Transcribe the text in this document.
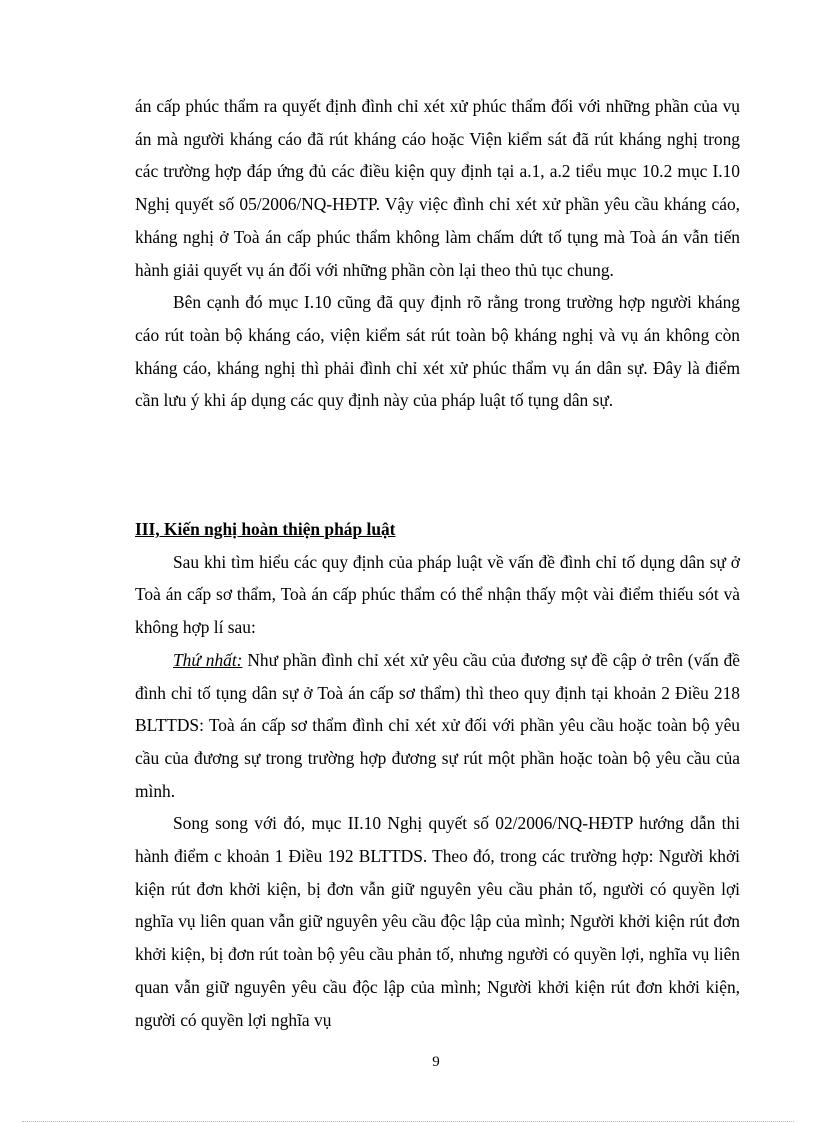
án cấp phúc thẩm ra quyết định đình chỉ xét xử phúc thẩm đối với những phần của vụ án mà người kháng cáo đã rút kháng cáo hoặc Viện kiểm sát đã rút kháng nghị trong các trường hợp đáp ứng đủ các điều kiện quy định tại a.1, a.2 tiểu mục 10.2 mục I.10 Nghị quyết số 05/2006/NQ-HĐTP. Vậy việc đình chỉ xét xử phần yêu cầu kháng cáo, kháng nghị ở Toà án cấp phúc thẩm không làm chấm dứt tố tụng mà Toà án vẫn tiến hành giải quyết vụ án đối với những phần còn lại theo thủ tục chung.

Bên cạnh đó mục I.10 cũng đã quy định rõ rằng trong trường hợp người kháng cáo rút toàn bộ kháng cáo, viện kiểm sát rút toàn bộ kháng nghị và vụ án không còn kháng cáo, kháng nghị thì phải đình chỉ xét xử phúc thẩm vụ án dân sự. Đây là điểm cần lưu ý khi áp dụng các quy định này của pháp luật tố tụng dân sự.

III, Kiến nghị hoàn thiện pháp luật

Sau khi tìm hiểu các quy định của pháp luật về vấn đề đình chỉ tố dụng dân sự ở Toà án cấp sơ thẩm, Toà án cấp phúc thẩm có thể nhận thấy một vài điểm thiếu sót và không hợp lí sau:

Thứ nhất: Như phần đình chỉ xét xử yêu cầu của đương sự đề cập ở trên (vấn đề đình chỉ tố tụng dân sự ở Toà án cấp sơ thẩm) thì theo quy định tại khoản 2 Điều 218 BLTTDS: Toà án cấp sơ thẩm đình chỉ xét xử đối với phần yêu cầu hoặc toàn bộ yêu cầu của đương sự trong trường hợp đương sự rút một phần hoặc toàn bộ yêu cầu của mình.

Song song với đó, mục II.10 Nghị quyết số 02/2006/NQ-HĐTP hướng dẫn thi hành điểm c khoản 1 Điều 192 BLTTDS. Theo đó, trong các trường hợp: Người khởi kiện rút đơn khởi kiện, bị đơn vẫn giữ nguyên yêu cầu phản tố, người có quyền lợi nghĩa vụ liên quan vẫn giữ nguyên yêu cầu độc lập của mình; Người khởi kiện rút đơn khởi kiện, bị đơn rút toàn bộ yêu cầu phản tố, nhưng người có quyền lợi, nghĩa vụ liên quan vẫn giữ nguyên yêu cầu độc lập của mình; Người khởi kiện rút đơn khởi kiện, người có quyền lợi nghĩa vụ

9
